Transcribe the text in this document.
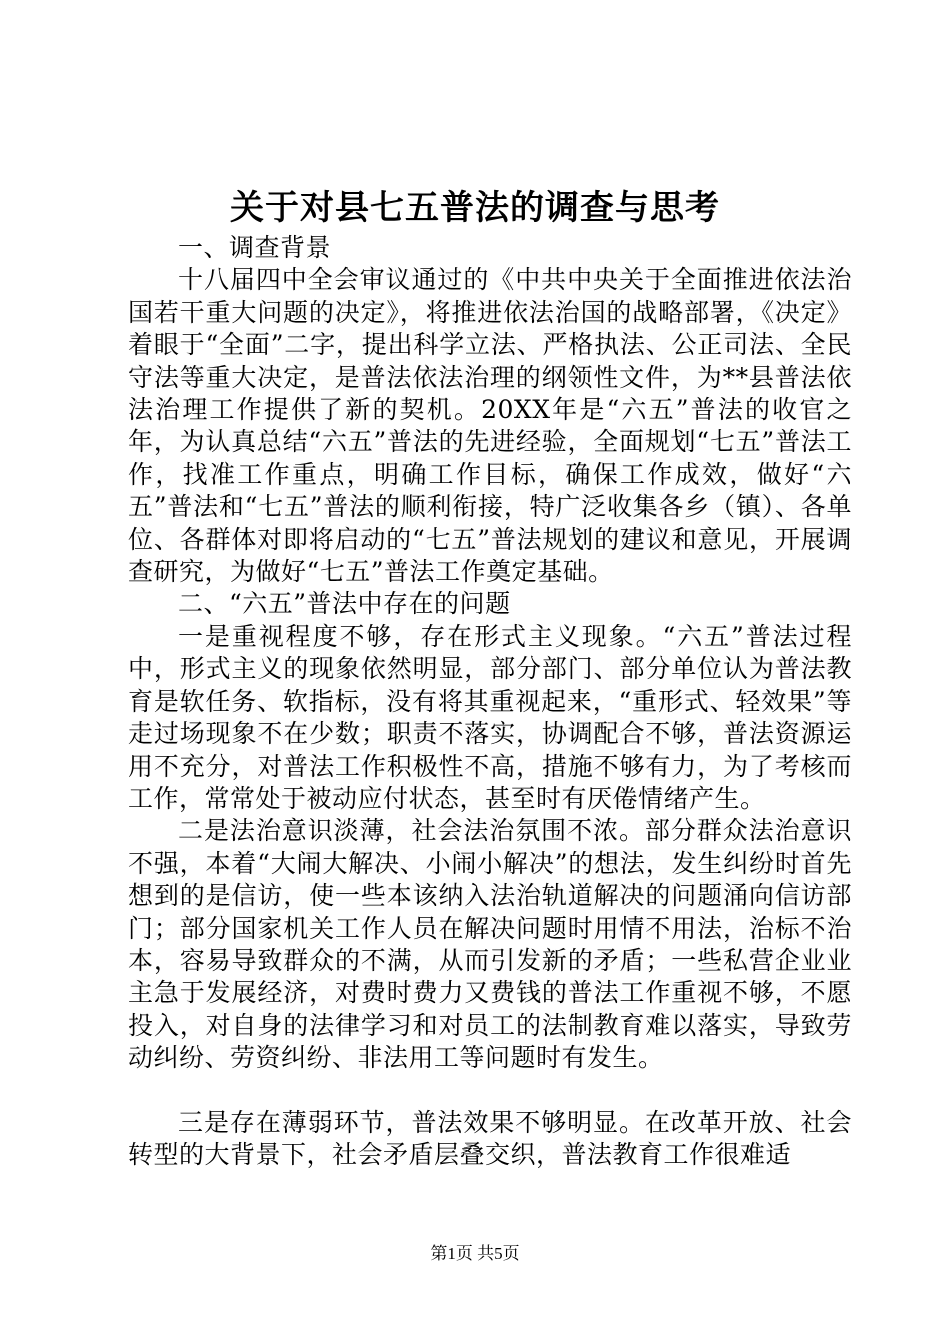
关于对县七五普法的调查与思考

一、调查背景

十八届四中全会审议通过的《中共中央关于全面推进依法治国若干重大问题的决定》，将推进依法治国的战略部署，《决定》着眼于“全面”二字，提出科学立法、严格执法、公正司法、全民守法等重大决定，是普法依法治理的纲领性文件，为**县普法依法治理工作提供了新的契机。20XX年是“六五”普法的收官之年，为认真总结“六五”普法的先进经验，全面规划“七五”普法工作，找准工作重点，明确工作目标，确保工作成效，做好“六五”普法和“七五”普法的顺利衔接，特广泛收集各乡（镇）、各单位、各群体对即将启动的“七五”普法规划的建议和意见，开展调查研究，为做好“七五”普法工作奠定基础。

二、“六五”普法中存在的问题

一是重视程度不够，存在形式主义现象。“六五”普法过程中，形式主义的现象依然明显，部分部门、部分单位认为普法教育是软任务、软指标，没有将其重视起来，“重形式、轻效果”等走过场现象不在少数；职责不落实，协调配合不够，普法资源运用不充分，对普法工作积极性不高，措施不够有力，为了考核而工作，常常处于被动应付状态，甚至时有厌倦情绪产生。

二是法治意识淡薄，社会法治氛围不浓。部分群众法治意识不强，本着“大闹大解决、小闹小解决”的想法，发生纠纷时首先想到的是信访，使一些本该纳入法治轨道解决的问题涌向信访部门；部分国家机关工作人员在解决问题时用情不用法，治标不治本，容易导致群众的不满，从而引发新的矛盾；一些私营企业业主急于发展经济，对费时费力又费钱的普法工作重视不够，不愿投入，对自身的法律学习和对员工的法制教育难以落实，导致劳动纠纷、劳资纠纷、非法用工等问题时有发生。

三是存在薄弱环节，普法效果不够明显。在改革开放、社会转型的大背景下，社会矛盾层叠交织，普法教育工作很难适

第1页 共5页
